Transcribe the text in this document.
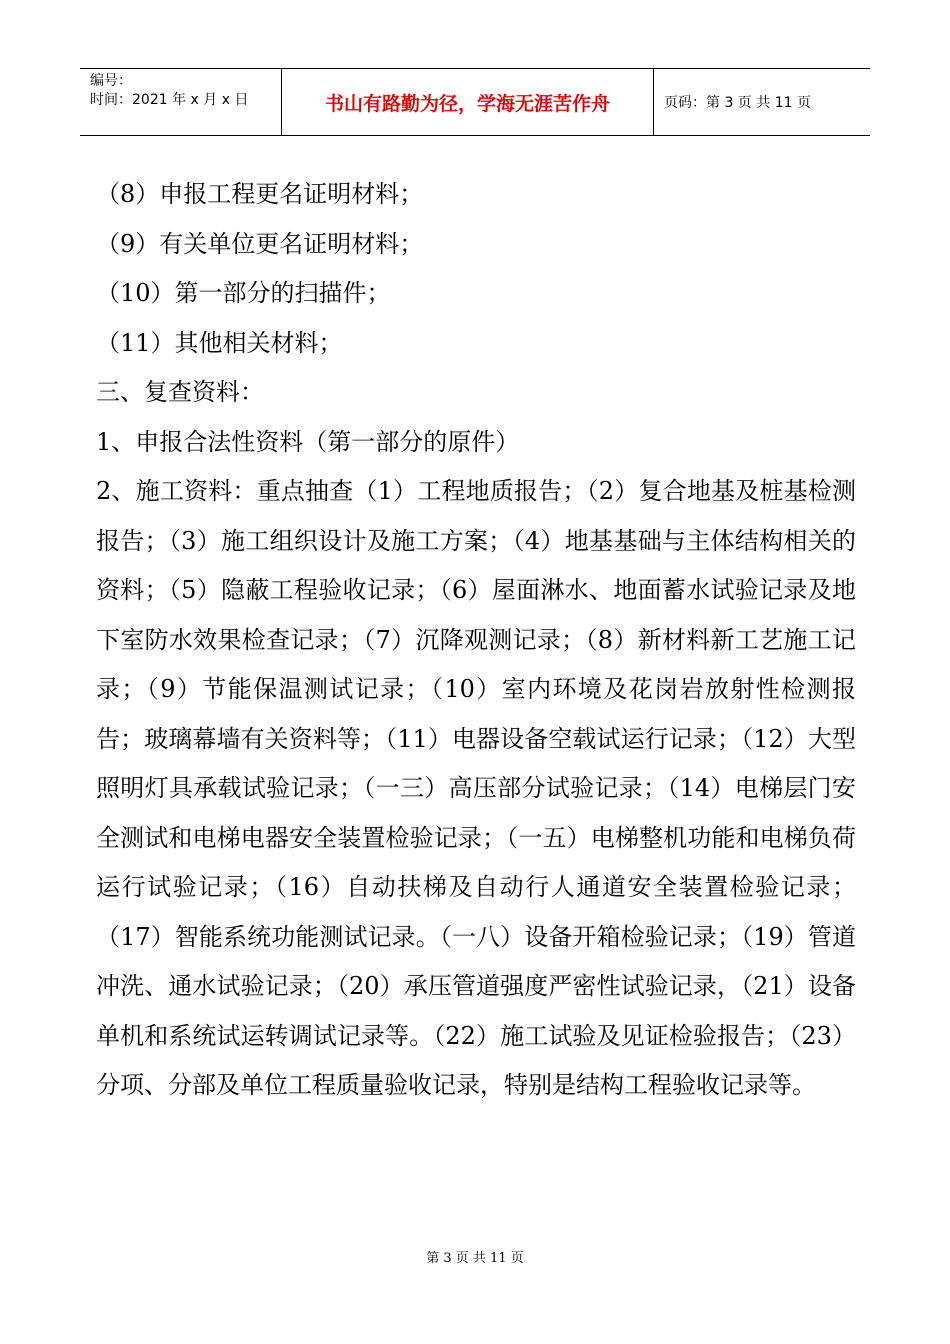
编号：
时间：2021 年 x 月 x 日	书山有路勤为径，学海无涯苦作舟	页码：第 3 页 共 11 页

（8）申报工程更名证明材料；

（9）有关单位更名证明材料；

（10）第一部分的扫描件；

（11）其他相关材料；

三、复查资料：

1、申报合法性资料（第一部分的原件）

2、施工资料：重点抽查（1）工程地质报告；（2）复合地基及桩基检测报告；（3）施工组织设计及施工方案；（4）地基基础与主体结构相关的资料；（5）隐蔽工程验收记录；（6）屋面淋水、地面蓄水试验记录及地下室防水效果检查记录；（7）沉降观测记录；（8）新材料新工艺施工记录；（9）节能保温测试记录；（10）室内环境及花岗岩放射性检测报告；玻璃幕墙有关资料等；（11）电器设备空载试运行记录；（12）大型照明灯具承载试验记录；（一三）高压部分试验记录；（14）电梯层门安全测试和电梯电器安全装置检验记录；（一五）电梯整机功能和电梯负荷运行试验记录；（16）自动扶梯及自动行人通道安全装置检验记录；（17）智能系统功能测试记录。（一八）设备开箱检验记录；（19）管道冲洗、通水试验记录；（20）承压管道强度严密性试验记录，（21）设备单机和系统试运转调试记录等。（22）施工试验及见证检验报告；（23）分项、分部及单位工程质量验收记录，特别是结构工程验收记录等。

第 3 页 共 11 页
